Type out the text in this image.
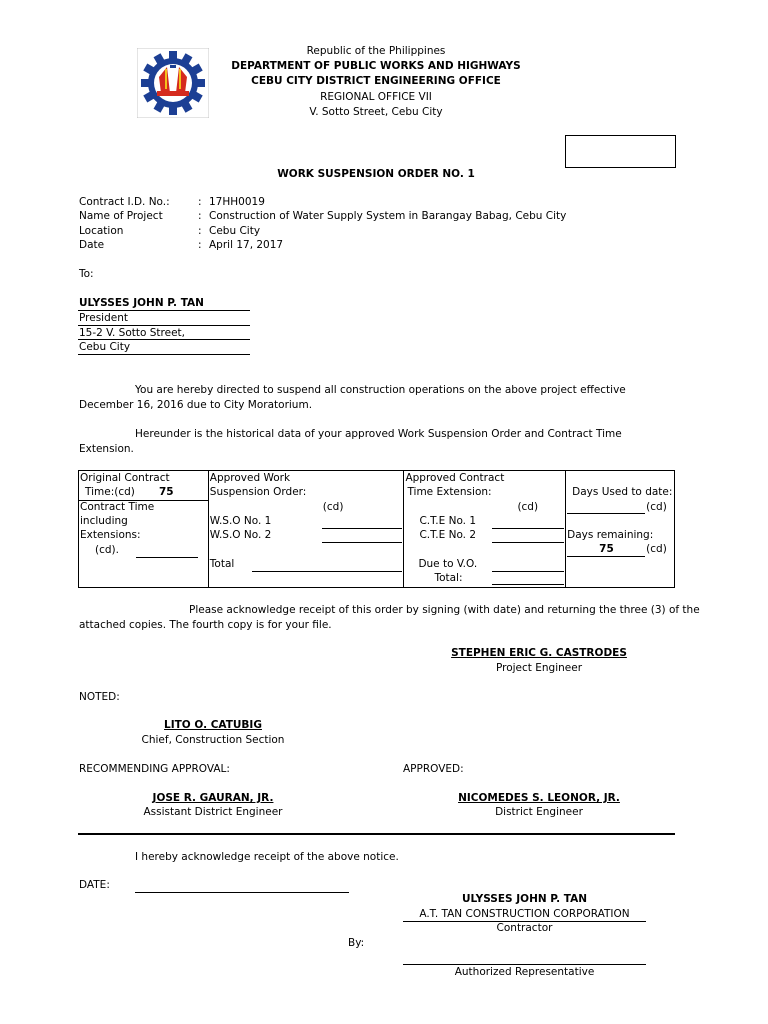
Republic of the Philippines
DEPARTMENT OF PUBLIC WORKS AND HIGHWAYS
CEBU CITY DISTRICT ENGINEERING OFFICE
REGIONAL OFFICE VII
V. Sotto Street, Cebu City
WORK SUSPENSION ORDER NO. 1
Contract I.D. No.:	: 17HH0019
Name of Project	: Construction of Water Supply System in Barangay Babag, Cebu City
Location	: Cebu City
Date	: April 17, 2017
To:
ULYSSES JOHN P. TAN
President
15-2 V. Sotto Street,
Cebu City
You are hereby directed to suspend all construction operations on the above project effective
December 16, 2016 due to City Moratorium.
Hereunder is the historical data of your approved Work Suspension Order and Contract Time
Extension.
Original Contract
Time:(cd) 75
Contract Time
including
Extensions:
(cd).

Approved Work
Suspension Order:
(cd)
W.S.O No. 1
W.S.O No. 2
Total

Approved Contract
Time Extension:
(cd)
C.T.E No. 1
C.T.E No. 2
Due to V.O.
Total:

Days Used to date:
(cd)
Days remaining:
75	(cd)
Please acknowledge receipt of this order by signing (with date) and returning the three (3) of the
attached copies. The fourth copy is for your file.
STEPHEN ERIC G. CASTRODES
Project Engineer
NOTED:
LITO O. CATUBIG
Chief, Construction Section
RECOMMENDING APPROVAL:	APPROVED:
JOSE R. GAURAN, JR.
Assistant District Engineer
NICOMEDES S. LEONOR, JR.
District Engineer
I hereby acknowledge receipt of the above notice.
DATE:
ULYSSES JOHN P. TAN
A.T. TAN CONSTRUCTION CORPORATION
Contractor
By:
Authorized Representative
